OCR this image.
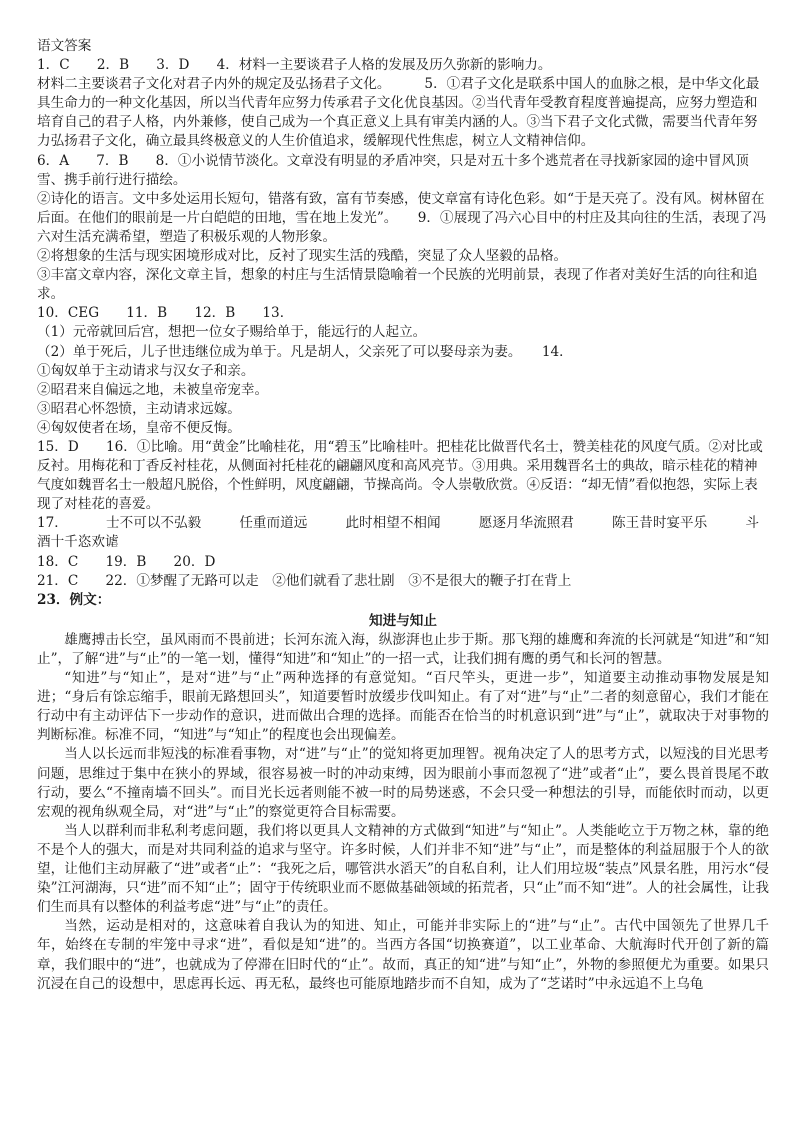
语文答案
1．C　　2．B　　3．D　　4．材料一主要谈君子人格的发展及历久弥新的影响力。
材料二主要谈君子文化对君子内外的规定及弘扬君子文化。　　　5．①君子文化是联系中国人的血脉之根，是中华文化最具生命力的一种文化基因，所以当代青年应努力传承君子文化优良基因。②当代青年受教育程度普遍提高，应努力塑造和培育自己的君子人格，内外兼修，使自己成为一个真正意义上具有审美内涵的人。③当下君子文化式微，需要当代青年努力弘扬君子文化，确立最具终极意义的人生价值追求，缓解现代性焦虑，树立人文精神信仰。
6．A　　7．B　　8．①小说情节淡化。文章没有明显的矛盾冲突，只是对五十多个逃荒者在寻找新家园的途中冒风顶雪、携手前行进行描绘。
②诗化的语言。文中多处运用长短句，错落有致，富有节奏感，使文章富有诗化色彩。如“于是天亮了。没有风。树林留在后面。在他们的眼前是一片白皑皑的田地，雪在地上发光”。　　9．①展现了冯六心目中的村庄及其向往的生活，表现了冯六对生活充满希望，塑造了积极乐观的人物形象。
②将想象的生活与现实困境形成对比，反衬了现实生活的残酷，突显了众人坚毅的品格。
③丰富文章内容，深化文章主旨，想象的村庄与生活情景隐喻着一个民族的光明前景，表现了作者对美好生活的向往和追求。
10．CEG　　11．B　　12．B　　13．
（1）元帝就回后宫，想把一位女子赐给单于，能远行的人起立。
（2）单于死后，儿子世违继位成为单于。凡是胡人，父亲死了可以娶母亲为妻。　　14．
①匈奴单于主动请求与汉女子和亲。
②昭君来自偏远之地，未被皇帝宠幸。
③昭君心怀怨愤，主动请求远嫁。
④匈奴使者在场，皇帝不便反悔。
15．D　　16．①比喻。用“黄金”比喻桂花，用“碧玉”比喻桂叶。把桂花比做晋代名士，赞美桂花的风度气质。②对比或反衬。用梅花和丁香反衬桂花，从侧面衬托桂花的翩翩风度和高风亮节。③用典。采用魏晋名士的典故，暗示桂花的精神气度如魏晋名士一般超凡脱俗，个性鲜明，风度翩翩，节操高尚。令人崇敬欣赏。④反语：“却无情”看似抱怨，实际上表现了对桂花的喜爱。
17．	士不可以不弘毅	任重而道远	此时相望不相闻	愿逐月华流照君	陈王昔时宴平乐	斗
酒十千恣欢谑
18．C　　19．B　　20．D
21．C　　22．①梦醒了无路可以走　②他们就看了悲壮剧　③不是很大的鞭子打在背上
23．例文：
知进与知止
雄鹰搏击长空，虽风雨而不畏前进；长河东流入海，纵澎湃也止步于斯。那飞翔的雄鹰和奔流的长河就是“知进”和“知止”，了解“进”与“止”的一笔一划，懂得“知进”和“知止”的一招一式，让我们拥有鹰的勇气和长河的智慧。
“知进”与“知止”，是对“进”与“止”两种选择的有意觉知。“百尺竿头，更进一步”，知道要主动推动事物发展是知进；“身后有馀忘缩手，眼前无路想回头”，知道要暂时放缓步伐叫知止。有了对“进”与“止”二者的刻意留心，我们才能在行动中有主动评估下一步动作的意识，进而做出合理的选择。而能否在恰当的时机意识到“进”与“止”，就取决于对事物的判断标准。标准不同，“知进”与“知止”的程度也会出现偏差。
当人以长远而非短浅的标准看事物，对“进”与“止”的觉知将更加理智。视角决定了人的思考方式，以短浅的目光思考问题，思维过于集中在狭小的界域，很容易被一时的冲动束缚，因为眼前小事而忽视了“进”或者“止”，要么畏首畏尾不敢行动，要么“不撞南墙不回头”。而目光长远者则能不被一时的局势迷惑，不会只受一种想法的引导，而能依时而动，以更宏观的视角纵观全局，对“进”与“止”的察觉更符合目标需要。
当人以群利而非私利考虑问题，我们将以更具人文精神的方式做到“知进”与“知止”。人类能屹立于万物之林，靠的绝不是个人的强大，而是对共同利益的追求与坚守。许多时候，人们并非不知“进”与“止”，而是整体的利益屈服于个人的欲望，让他们主动屏蔽了“进”或者“止”：“我死之后，哪管洪水滔天”的自私自利，让人们用垃圾“装点”风景名胜，用污水“侵染”江河湖海，只“进”而不知“止”；固守于传统职业而不愿做基础领域的拓荒者，只“止”而不知“进”。人的社会属性，让我们生而具有以整体的利益考虑“进”与“止”的责任。
当然，运动是相对的，这意味着自我认为的知进、知止，可能并非实际上的“进”与“止”。古代中国领先了世界几千年，始终在专制的牢笼中寻求“进”，看似是知“进”的。当西方各国“切换赛道”，以工业革命、大航海时代开创了新的篇章，我们眼中的“进”，也就成为了停滞在旧时代的“止”。故而，真正的知“进”与知“止”，外物的参照便尤为重要。如果只沉浸在自己的设想中，思虑再长远、再无私，最终也可能原地踏步而不自知，成为了“芝诺时”中永远追不上乌龟
